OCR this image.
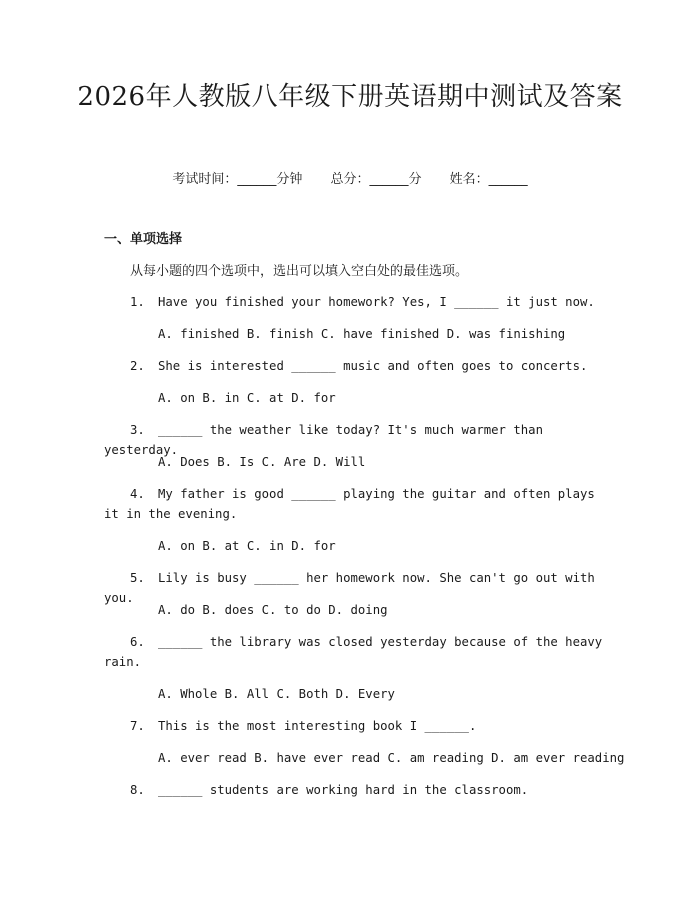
2026年人教版八年级下册英语期中测试及答案
考试时间：______分钟 总分：______分 姓名：______
一、单项选择
从每小题的四个选项中，选出可以填入空白处的最佳选项。
1. Have you finished your homework? Yes, I ______ it just now.
A. finished B. finish C. have finished D. was finishing
2. She is interested ______ music and often goes to concerts.
A. on B. in C. at D. for
3. ______ the weather like today? It's much warmer than yesterday.
A. Does B. Is C. Are D. Will
4. My father is good ______ playing the guitar and often plays it in the evening.
A. on B. at C. in D. for
5. Lily is busy ______ her homework now. She can't go out with you.
A. do B. does C. to do D. doing
6. ______ the library was closed yesterday because of the heavy rain.
A. Whole B. All C. Both D. Every
7. This is the most interesting book I ______.
A. ever read B. have ever read C. am reading D. am ever reading
8. ______ students are working hard in the classroom.
